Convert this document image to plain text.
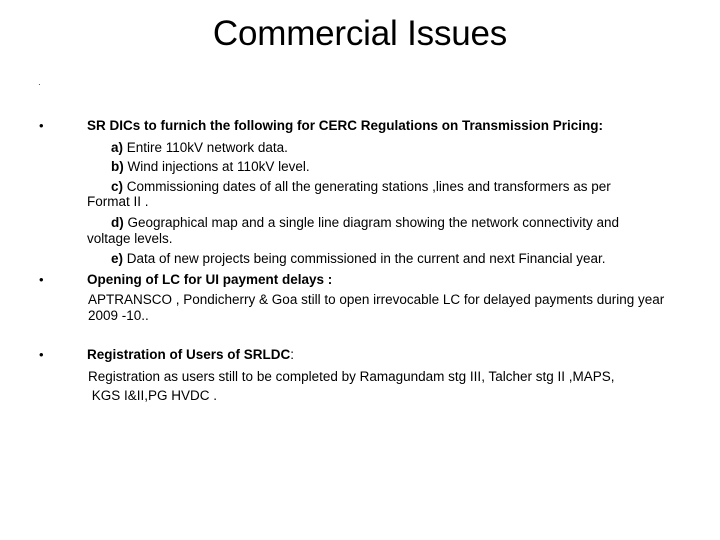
Commercial Issues
·
•	SR DICs to furnich the following for CERC Regulations on Transmission Pricing:
a) Entire 110kV network data.
b) Wind injections at 110kV level.
c) Commissioning dates of all the generating stations ,lines and transformers as per
Format II .
d) Geographical map and a single line diagram showing the network connectivity and
voltage levels.
e) Data of new projects being commissioned in the current and next Financial year.
•	Opening of LC for UI payment delays :
APTRANSCO , Pondicherry & Goa still to open irrevocable LC for delayed payments during year
2009 -10..
•	Registration of Users of SRLDC:
Registration as users still to be completed by Ramagundam stg III, Talcher stg II ,MAPS,
KGS I&II,PG HVDC .
